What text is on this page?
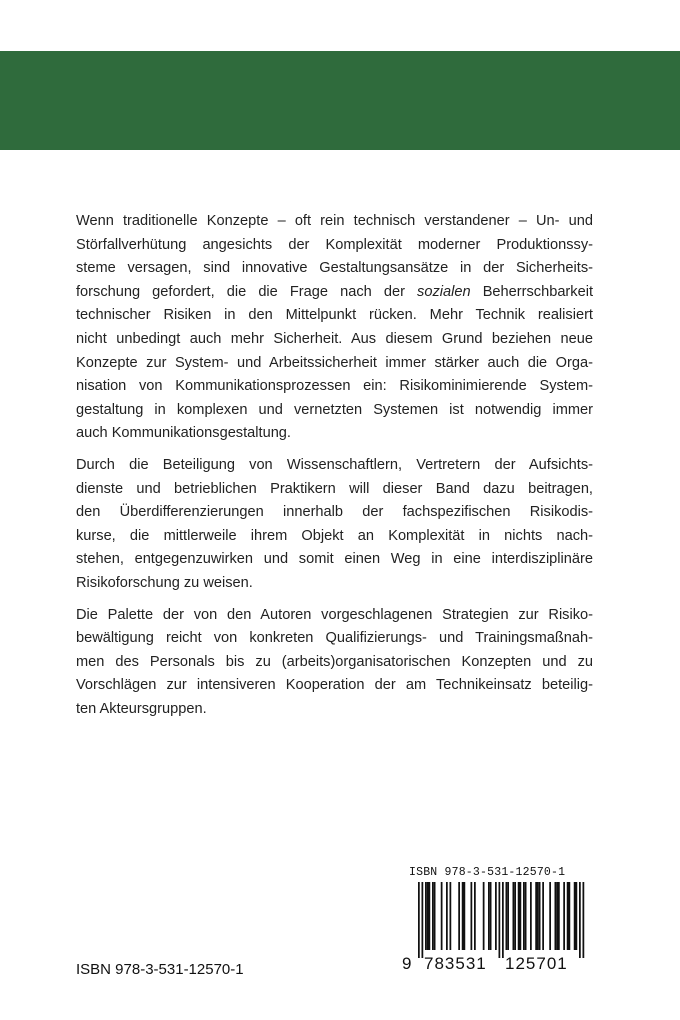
Wenn traditionelle Konzepte – oft rein technisch verstandener – Un- und
Störfallverhütung angesichts der Komplexität moderner Produktionssy-
steme versagen, sind innovative Gestaltungsansätze in der Sicherheits-
forschung gefordert, die die Frage nach der sozialen Beherrschbarkeit
technischer Risiken in den Mittelpunkt rücken. Mehr Technik realisiert
nicht unbedingt auch mehr Sicherheit. Aus diesem Grund beziehen neue
Konzepte zur System- und Arbeitssicherheit immer stärker auch die Orga-
nisation von Kommunikationsprozessen ein: Risikominimierende System-
gestaltung in komplexen und vernetzten Systemen ist notwendig immer
auch Kommunikationsgestaltung.
Durch die Beteiligung von Wissenschaftlern, Vertretern der Aufsichts-
dienste und betrieblichen Praktikern will dieser Band dazu beitragen,
den Überdifferenzierungen innerhalb der fachspezifischen Risikodis-
kurse, die mittlerweile ihrem Objekt an Komplexität in nichts nach-
stehen, entgegenzuwirken und somit einen Weg in eine interdisziplinäre
Risikoforschung zu weisen.
Die Palette der von den Autoren vorgeschlagenen Strategien zur Risiko-
bewältigung reicht von konkreten Qualifizierungs- und Trainingsmaßnah-
men des Personals bis zu (arbeits)organisatorischen Konzepten und zu
Vorschlägen zur intensiveren Kooperation der am Technikeinsatz beteilig-
ten Akteursgruppen.
ISBN 978-3-531-12570-1
9 783531 125701
ISBN 978-3-531-12570-1
